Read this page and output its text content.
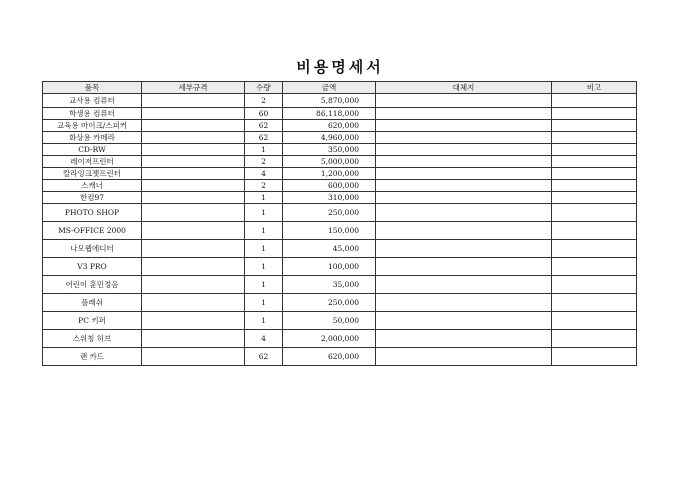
비용명세서
품목	세부규격	수량	금액	대체지	비고
교사용 컴퓨터		2	5,870,000		
학생용 컴퓨터		60	86,118,000		
교육용 마이크/스피커		62	620,000		
화상용 카메라		62	4,960,000		
CD-RW		1	350,000		
레이저프린터		2	5,000,000		
칼라잉크젯프린터		4	1,200,000		
스캐너		2	600,000		
한컴97		1	310,000		
PHOTO SHOP		1	250,000		
MS-OFFICE 2000		1	150,000		
나모웹에디터		1	45,000		
V3 PRO		1	100,000		
어린이 훈민정음		1	35,000		
플래쉬		1	250,000		
PC 키퍼		1	50,000		
스위칭 허브		4	2,000,000		
랜 카드		62	620,000		
